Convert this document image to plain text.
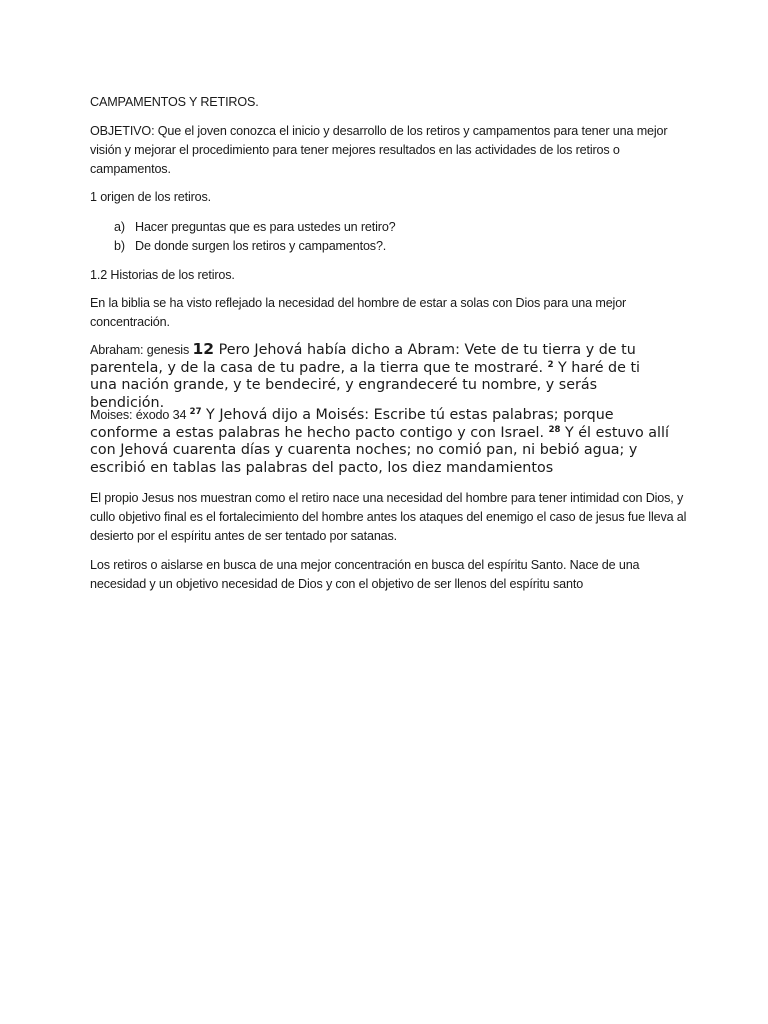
CAMPAMENTOS Y RETIROS.

OBJETIVO: Que el joven conozca el inicio y desarrollo de los retiros y campamentos para tener una mejor visión y mejorar el procedimiento para tener mejores resultados en las actividades de los retiros o campamentos.

1 origen de los retiros.

a) Hacer preguntas que es para ustedes un retiro?
b) De donde surgen los retiros y campamentos?.

1.2 Historias de los retiros.

En la biblia se ha visto reflejado la necesidad del hombre de estar a solas con Dios para una mejor concentración.

Abraham: genesis 12 Pero Jehová había dicho a Abram: Vete de tu tierra y de tu parentela, y de la casa de tu padre, a la tierra que te mostraré. $^2$ Y haré de ti una nación grande, y te bendeciré, y engrandeceré tu nombre, y serás bendición.

Moises: éxodo 34 $^{27}$ Y Jehová dijo a Moisés: Escribe tú estas palabras; porque conforme a estas palabras he hecho pacto contigo y con Israel. $^{28}$ Y él estuvo allí con Jehová cuarenta días y cuarenta noches; no comió pan, ni bebió agua; y escribió en tablas las palabras del pacto, los diez mandamientos

El propio Jesus nos muestran como el retiro nace una necesidad del hombre para tener intimidad con Dios, y cullo objetivo final es el fortalecimiento del hombre antes los ataques del enemigo el caso de jesus fue lleva al desierto por el espíritu antes de ser tentado por satanas.

Los retiros o aislarse en busca de una mejor concentración en busca del espíritu Santo. Nace de una necesidad y un objetivo necesidad de Dios y con el objetivo de ser llenos del espíritu santo
